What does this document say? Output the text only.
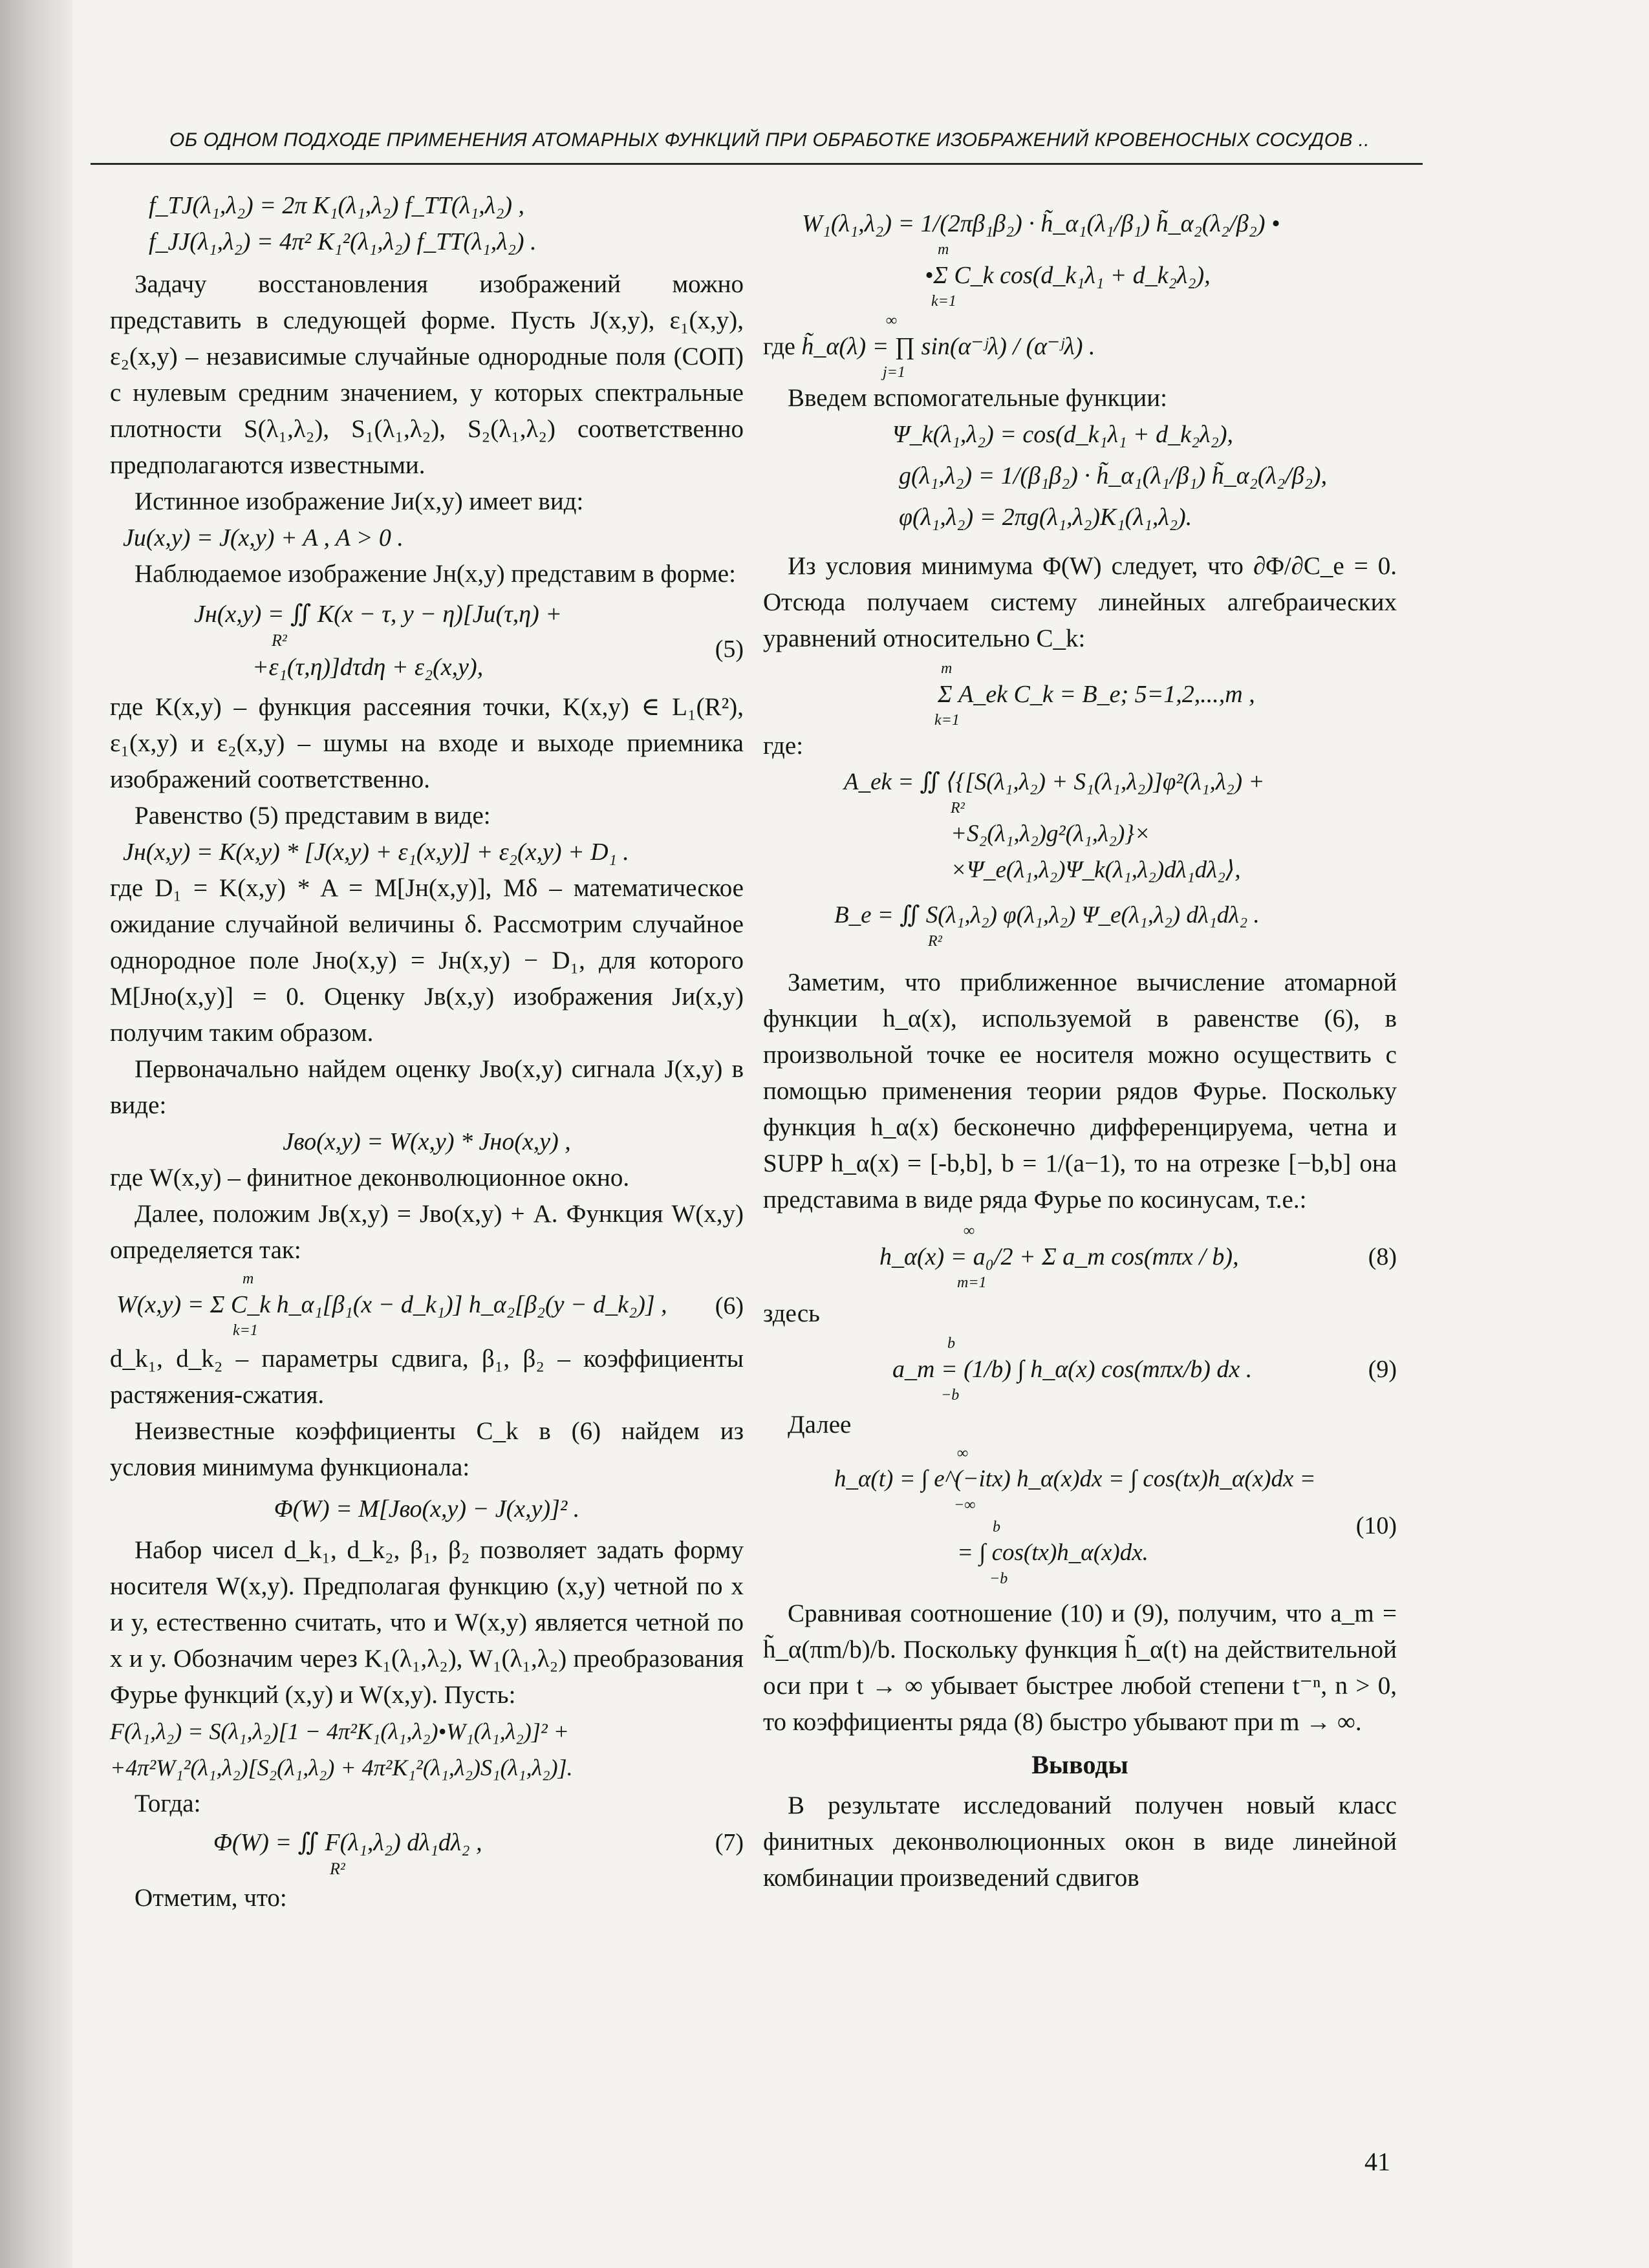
ОБ ОДНОМ ПОДХОДЕ ПРИМЕНЕНИЯ АТОМАРНЫХ ФУНКЦИЙ ПРИ ОБРАБОТКЕ ИЗОБРАЖЕНИЙ КРОВЕНОСНЫХ СОСУДОВ ..
f_TJ(λ₁,λ₂) = 2π K₁(λ₁,λ₂) f_TT(λ₁,λ₂) ,
f_JJ(λ₁,λ₂) = 4π² K₁²(λ₁,λ₂) f_TT(λ₁,λ₂) .

Задачу восстановления изображений можно представить в следующей форме. Пусть J(x,y), ε₁(x,y), ε₂(x,y) – независимые случайные однородные поля (СОП) с нулевым средним значением, у которых спектральные плотности S(λ₁,λ₂), S₁(λ₁,λ₂), S₂(λ₁,λ₂) соответственно предполагаются известными.

Истинное изображение Jи(x,y) имеет вид:

Jи(x,y) = J(x,y) + A , A > 0 .

Наблюдаемое изображение Jн(x,y) представим в форме:

Jн(x,y) = ∬ K(x − τ, y − η)[Jи(τ,η) +
R²
+ε₁(τ,η)]dτdη + ε₂(x,y),
(5)

где K(x,y) – функция рассеяния точки, K(x,y) ∈ L₁(R²), ε₁(x,y) и ε₂(x,y) – шумы на входе и выходе приемника изображений соответственно.

Равенство (5) представим в виде:

Jн(x,y) = K(x,y) * [J(x,y) + ε₁(x,y)] + ε₂(x,y) + D₁ .

где D₁ = K(x,y) * A = M[Jн(x,y)], Mδ – математическое ожидание случайной величины δ. Рассмотрим случайное однородное поле Jно(x,y) = Jн(x,y) − D₁, для которого M[Jно(x,y)] = 0. Оценку Jв(x,y) изображения Jи(x,y) получим таким образом.

Первоначально найдем оценку Jво(x,y) сигнала J(x,y) в виде:

Jво(x,y) = W(x,y) * Jно(x,y) ,

где W(x,y) – финитное деконволюционное окно.

Далее, положим Jв(x,y) = Jво(x,y) + A. Функция W(x,y) определяется так:

m
W(x,y) = Σ C_k h_α₁[β₁(x − d_k₁)] h_α₂[β₂(y − d_k₂)] ,
k=1
(6)

d_k₁, d_k₂ – параметры сдвига, β₁, β₂ – коэффициенты растяжения-сжатия.

Неизвестные коэффициенты C_k в (6) найдем из условия минимума функционала:

Φ(W) = M[Jво(x,y) − J(x,y)]² .

Набор чисел d_k₁, d_k₂, β₁, β₂ позволяет задать форму носителя W(x,y). Предполагая функцию (x,y) четной по x и y, естественно считать, что и W(x,y) является четной по x и y. Обозначим через K₁(λ₁,λ₂), W₁(λ₁,λ₂) преобразования Фурье функций (x,y) и W(x,y). Пусть:

F(λ₁,λ₂) = S(λ₁,λ₂)[1 − 4π²K₁(λ₁,λ₂)•W₁(λ₁,λ₂)]² +
+4π²W₁²(λ₁,λ₂)[S₂(λ₁,λ₂) + 4π²K₁²(λ₁,λ₂)S₁(λ₁,λ₂)].

Тогда:

Φ(W) = ∬ F(λ₁,λ₂) dλ₁dλ₂ ,
R²
(7)

Отметим, что:

W₁(λ₁,λ₂) = 1/(2πβ₁β₂) · h̃_α₁(λ₁/β₁) h̃_α₂(λ₂/β₂) •
m
•Σ C_k cos(d_k₁λ₁ + d_k₂λ₂),
k=1
∞
где h̃_α(λ) = ∏ sin(α⁻ʲλ) / (α⁻ʲλ) .
j=1

Введем вспомогательные функции:

Ψ_k(λ₁,λ₂) = cos(d_k₁λ₁ + d_k₂λ₂),
g(λ₁,λ₂) = 1/(β₁β₂) · h̃_α₁(λ₁/β₁) h̃_α₂(λ₂/β₂),
φ(λ₁,λ₂) = 2πg(λ₁,λ₂)K₁(λ₁,λ₂).

Из условия минимума Φ(W) следует, что ∂Φ/∂C_e = 0. Отсюда получаем систему линейных алгебраических уравнений относительно C_k:

m
Σ A_ek C_k = B_e; 5=1,2,...,m ,
k=1

где:

A_ek = ∬ ⟨{[S(λ₁,λ₂) + S₁(λ₁,λ₂)]φ²(λ₁,λ₂) +
R²
+S₂(λ₁,λ₂)g²(λ₁,λ₂)}×
×Ψ_e(λ₁,λ₂)Ψ_k(λ₁,λ₂)dλ₁dλ₂⟩,
B_e = ∬ S(λ₁,λ₂) φ(λ₁,λ₂) Ψ_e(λ₁,λ₂) dλ₁dλ₂ .
R²

Заметим, что приближенное вычисление атомарной функции h_α(x), используемой в равенстве (6), в произвольной точке ее носителя можно осуществить с помощью применения теории рядов Фурье. Поскольку функция h_α(x) бесконечно дифференцируема, четна и SUPP h_α(x) = [-b,b], b = 1/(a−1), то на отрезке [−b,b] она представима в виде ряда Фурье по косинусам, т.е.:

∞
h_α(x) = a₀/2 + Σ a_m cos(mπx / b),
m=1
(8)

здесь

b
a_m = (1/b) ∫ h_α(x) cos(mπx/b) dx .
−b
(9)

Далее

∞
h_α(t) = ∫ e^(−itx) h_α(x)dx = ∫ cos(tx)h_α(x)dx =
−∞
b
= ∫ cos(tx)h_α(x)dx.
−b
(10)

Сравнивая соотношение (10) и (9), получим, что a_m = h̃_α(πm/b)/b. Поскольку функция h̃_α(t) на действительной оси при t → ∞ убывает быстрее любой степени t⁻ⁿ, n > 0, то коэффициенты ряда (8) быстро убывают при m → ∞.

Выводы

В результате исследований получен новый класс финитных деконволюционных окон в виде линейной комбинации произведений сдвигов

41
